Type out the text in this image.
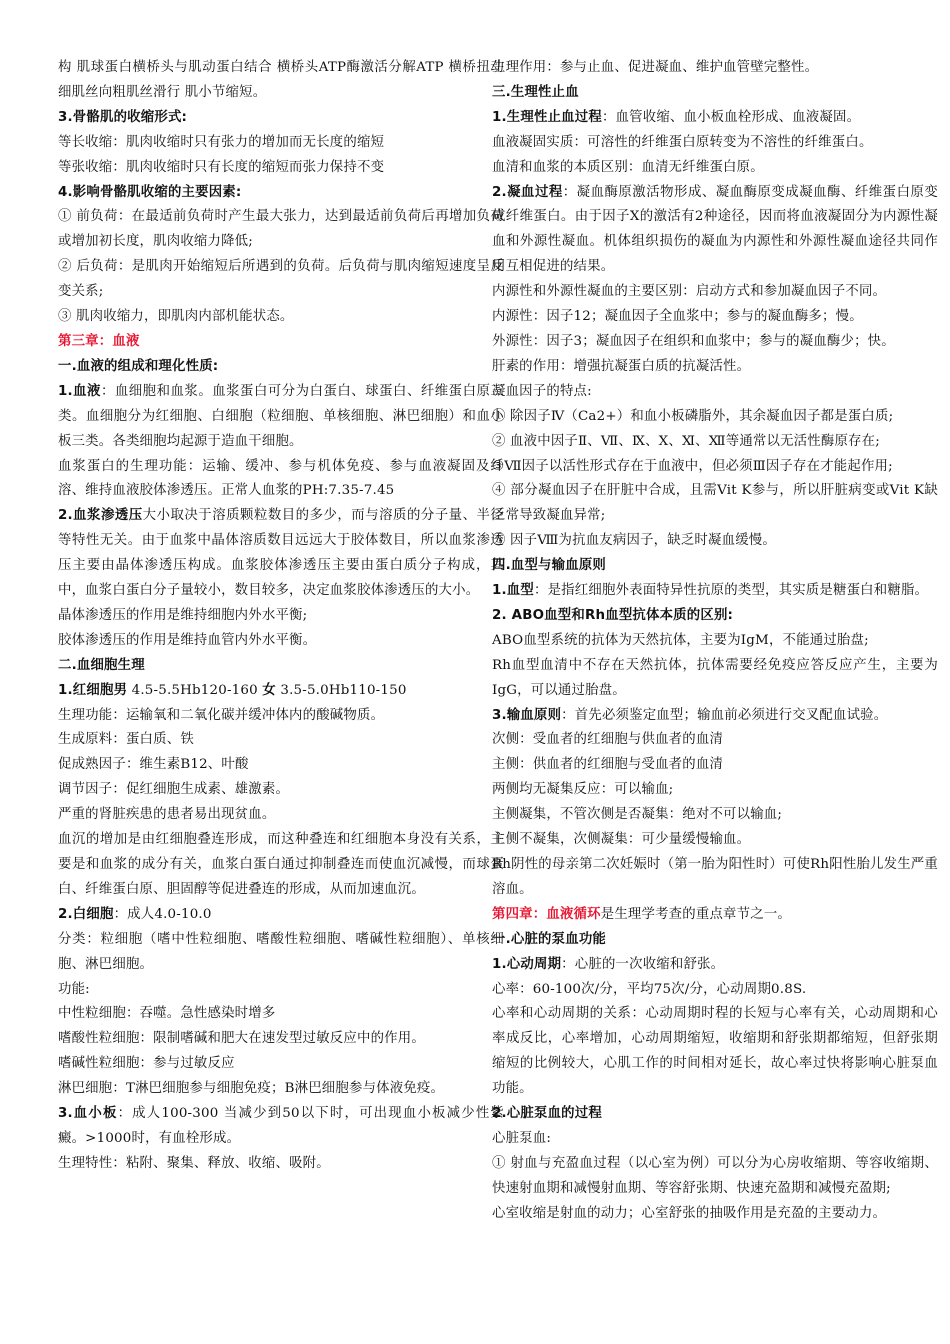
构 肌球蛋白横桥头与肌动蛋白结合 横桥头ATP酶激活分解ATP 横桥扭动 细肌丝向粗肌丝滑行 肌小节缩短。

3.骨骼肌的收缩形式:

等长收缩：肌肉收缩时只有张力的增加而无长度的缩短

等张收缩：肌肉收缩时只有长度的缩短而张力保持不变

4.影响骨骼肌收缩的主要因素:

① 前负荷：在最适前负荷时产生最大张力，达到最适前负荷后再增加负荷或增加初长度，肌肉收缩力降低;

② 后负荷：是肌肉开始缩短后所遇到的负荷。后负荷与肌肉缩短速度呈反变关系;

③ 肌肉收缩力，即肌肉内部机能状态。

第三章：血液

一.血液的组成和理化性质:

1.血液：血细胞和血浆。血浆蛋白可分为白蛋白、球蛋白、纤维蛋白原三类。血细胞分为红细胞、白细胞（粒细胞、单核细胞、淋巴细胞）和血小板三类。各类细胞均起源于造血干细胞。

血浆蛋白的生理功能：运输、缓冲、参与机体免疫、参与血液凝固及纤溶、维持血液胶体渗透压。正常人血浆的PH:7.35-7.45

2.血浆渗透压大小取决于溶质颗粒数目的多少，而与溶质的分子量、半径等特性无关。由于血浆中晶体溶质数目远远大于胶体数目，所以血浆渗透压主要由晶体渗透压构成。血浆胶体渗透压主要由蛋白质分子构成，其中，血浆白蛋白分子量较小，数目较多，决定血浆胶体渗透压的大小。

晶体渗透压的作用是维持细胞内外水平衡;

胶体渗透压的作用是维持血管内外水平衡。

二.血细胞生理

1.红细胞男 4.5-5.5Hb120-160 女 3.5-5.0Hb110-150

生理功能：运输氧和二氧化碳并缓冲体内的酸碱物质。

生成原料：蛋白质、铁

促成熟因子：维生素B12、叶酸

调节因子：促红细胞生成素、雄激素。

严重的肾脏疾患的患者易出现贫血。

血沉的增加是由红细胞叠连形成，而这种叠连和红细胞本身没有关系，主要是和血浆的成分有关，血浆白蛋白通过抑制叠连而使血沉减慢，而球蛋白、纤维蛋白原、胆固醇等促进叠连的形成，从而加速血沉。

2.白细胞：成人4.0-10.0

分类：粒细胞（嗜中性粒细胞、嗜酸性粒细胞、嗜碱性粒细胞）、单核细胞、淋巴细胞。

功能:

中性粒细胞：吞噬。急性感染时增多

嗜酸性粒细胞：限制嗜碱和肥大在速发型过敏反应中的作用。

嗜碱性粒细胞：参与过敏反应

淋巴细胞：T淋巴细胞参与细胞免疫；B淋巴细胞参与体液免疫。

3.血小板：成人100-300 当减少到50以下时，可出现血小板减少性紫癜。>1000时，有血栓形成。

生理特性：粘附、聚集、释放、收缩、吸附。

生理作用：参与止血、促进凝血、维护血管壁完整性。

三.生理性止血

1.生理性止血过程：血管收缩、血小板血栓形成、血液凝固。

血液凝固实质：可溶性的纤维蛋白原转变为不溶性的纤维蛋白。

血清和血浆的本质区别：血清无纤维蛋白原。

2.凝血过程：凝血酶原激活物形成、凝血酶原变成凝血酶、纤维蛋白原变成纤维蛋白。由于因子X的激活有2种途径，因而将血液凝固分为内源性凝血和外源性凝血。机体组织损伤的凝血为内源性和外源性凝血途径共同作用互相促进的结果。

内源性和外源性凝血的主要区别：启动方式和参加凝血因子不同。

内源性：因子12；凝血因子全血浆中；参与的凝血酶多；慢。

外源性：因子3；凝血因子在组织和血浆中；参与的凝血酶少；快。

肝素的作用：增强抗凝蛋白质的抗凝活性。

凝血因子的特点:

① 除因子Ⅳ（Ca2+）和血小板磷脂外，其余凝血因子都是蛋白质;

② 血液中因子Ⅱ、Ⅶ、Ⅸ、Ⅹ、Ⅺ、Ⅻ等通常以无活性酶原存在;

③Ⅶ因子以活性形式存在于血液中，但必须Ⅲ因子存在才能起作用;

④ 部分凝血因子在肝脏中合成，且需Vit K参与，所以肝脏病变或Vit K缺乏常导致凝血异常;

⑤ 因子Ⅷ为抗血友病因子，缺乏时凝血缓慢。

四.血型与输血原则

1.血型：是指红细胞外表面特异性抗原的类型，其实质是糖蛋白和糖脂。

2. ABO血型和Rh血型抗体本质的区别:

ABO血型系统的抗体为天然抗体，主要为IgM，不能通过胎盘;

Rh血型血清中不存在天然抗体，抗体需要经免疫应答反应产生，主要为IgG，可以通过胎盘。

3.输血原则：首先必须鉴定血型；输血前必须进行交叉配血试验。

次侧：受血者的红细胞与供血者的血清

主侧：供血者的红细胞与受血者的血清

两侧均无凝集反应：可以输血;

主侧凝集，不管次侧是否凝集：绝对不可以输血;

主侧不凝集，次侧凝集：可少量缓慢输血。

Rh阴性的母亲第二次妊娠时（第一胎为阳性时）可使Rh阳性胎儿发生严重溶血。

第四章：血液循环是生理学考查的重点章节之一。

一.心脏的泵血功能

1.心动周期：心脏的一次收缩和舒张。

心率：60-100次/分，平均75次/分，心动周期0.8S.

心率和心动周期的关系：心动周期时程的长短与心率有关，心动周期和心率成反比，心率增加，心动周期缩短，收缩期和舒张期都缩短，但舒张期缩短的比例较大，心肌工作的时间相对延长，故心率过快将影响心脏泵血功能。

2.心脏泵血的过程

心脏泵血:

① 射血与充盈血过程（以心室为例）可以分为心房收缩期、等容收缩期、快速射血期和减慢射血期、等容舒张期、快速充盈期和减慢充盈期;

心室收缩是射血的动力；心室舒张的抽吸作用是充盈的主要动力。
